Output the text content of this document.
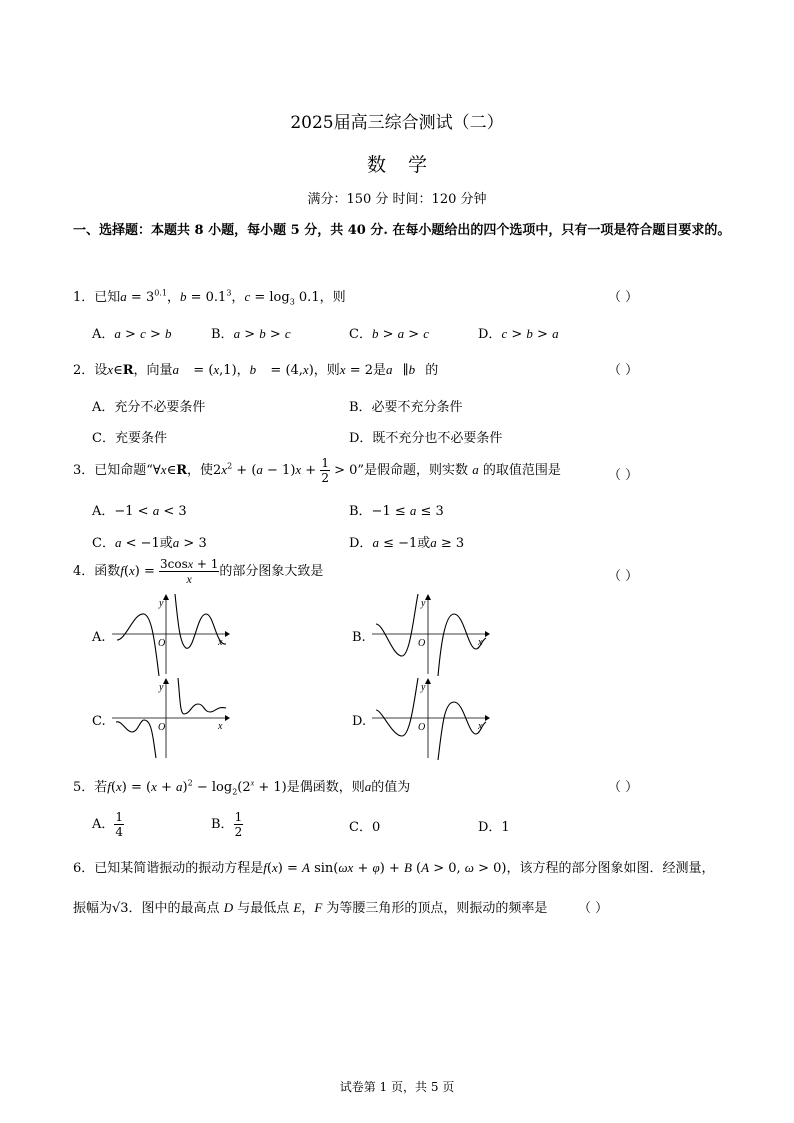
2025届高三综合测试（二）
数学
满分：150 分 时间：120 分钟
一、选择题：本题共 8 小题，每小题 5 分，共 40 分. 在每小题给出的四个选项中，只有一项是符合题目要求的。
1．已知$a = 3^{0.1}$，$b = 0.1^3$，$c = \log_3 0.1$，则	（ ）
A．a > c > b	B．a > b > c	C．b > a > c	D．c > b > a
2．设x∈R，向量a⃗ = (x,1)，b⃗ = (4,x)，则x = 2是a⃗∥b⃗的	（ ）
A．充分不必要条件	B．必要不充分条件
C．充要条件	D．既不充分也不必要条件
3．已知命题“∀x∈R，使$2x^2 + (a - 1)x + \frac{1}{2} > 0$”是假命题，则实数 a 的取值范围是	（ ）
A．−1 < a < 3	B．−1 ≤ a ≤ 3
C．a < −1或a > 3	D．a ≤ −1或a ≥ 3
4．函数$f(x) = \frac{3\cos x + 1}{x}$ 的部分图象大致是	（ ）
A.	B.
C.	D.
y
O	x
y
O	x
y
O	x
y
O	x
5．若$f(x) = (x + a)^2 - \log_2(2^x + 1)$是偶函数，则a的值为	（ ）
A． $\frac{1}{4}$	B． $\frac{1}{2}$	C．0	D．1
6．已知某简谐振动的振动方程是f(x) = A sin(ωx + φ) + B (A > 0, ω > 0)，该方程的部分图象如图．经测量，
振幅为√3．图中的最高点 D 与最低点 E，F 为等腰三角形的顶点，则振动的频率是 （ ）
试卷第 1 页，共 5 页
